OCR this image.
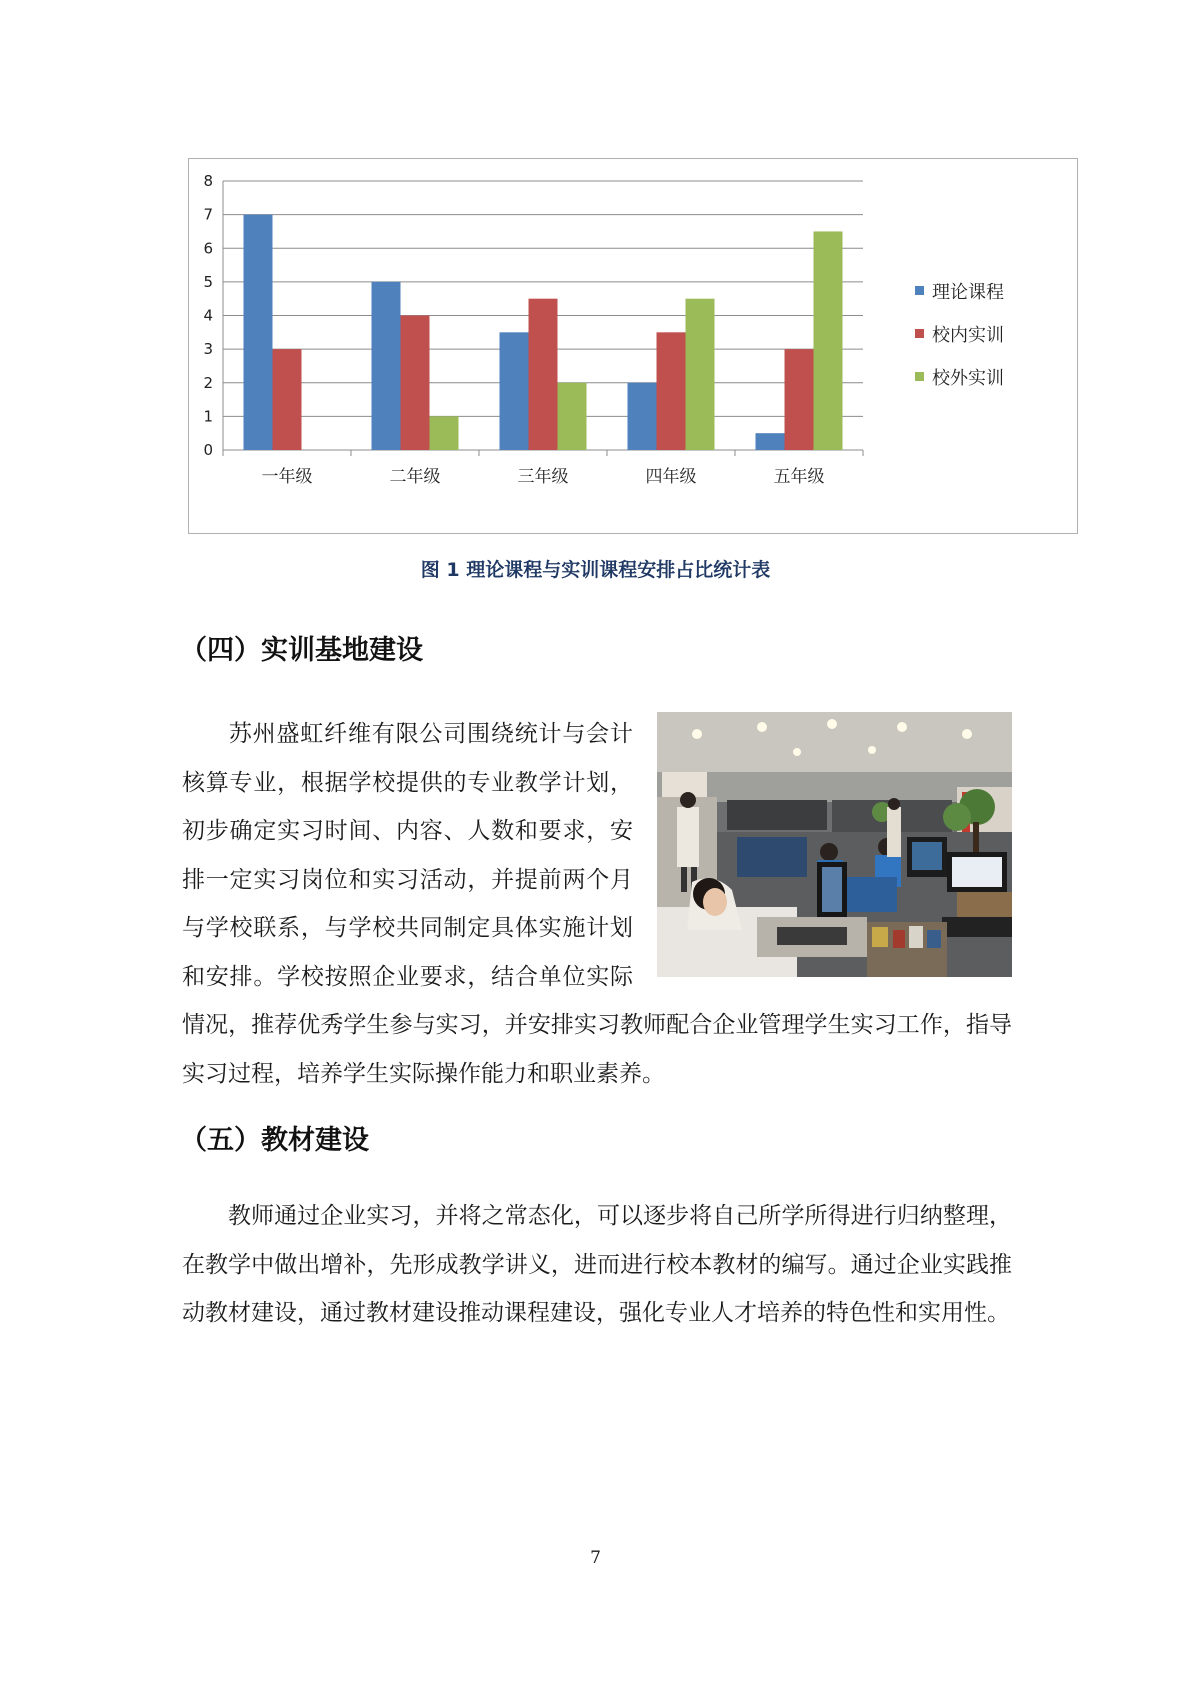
0
1
2
3
4
5
6
7
8
一年级	二年级	三年级	四年级	五年级
理论课程
校内实训
校外实训
图 1 理论课程与实训课程安排占比统计表
（四）实训基地建设
苏州盛虹纤维有限公司围绕统计与会计核算专业，根据学校提供的专业教学计划，初步确定实习时间、内容、人数和要求，安排一定实习岗位和实习活动，并提前两个月与学校联系，与学校共同制定具体实施计划和安排。学校按照企业要求，结合单位实际情况，推荐优秀学生参与实习，并安排实习教师配合企业管理学生实习工作，指导实习过程，培养学生实际操作能力和职业素养。
（五）教材建设

教师通过企业实习，并将之常态化，可以逐步将自己所学所得进行归纳整理，在教学中做出增补，先形成教学讲义，进而进行校本教材的编写。通过企业实践推动教材建设，通过教材建设推动课程建设，强化专业人才培养的特色性和实用性。

7
